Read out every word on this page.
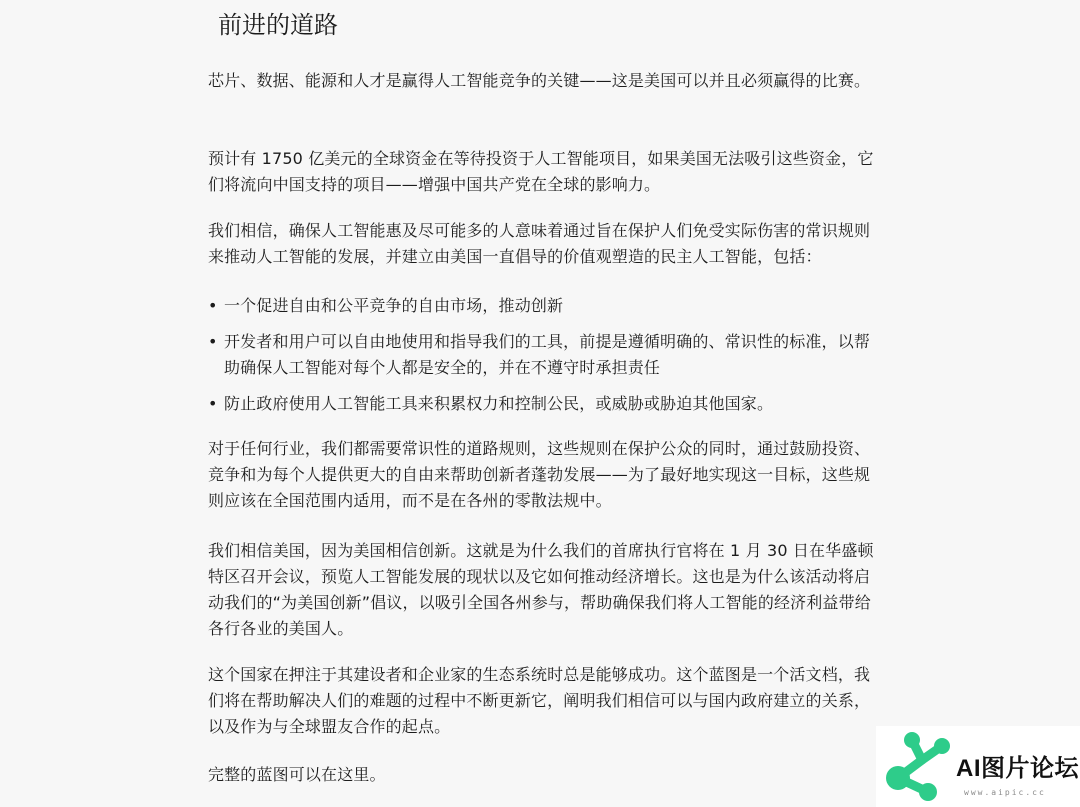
前进的道路

芯片、数据、能源和人才是赢得人工智能竞争的关键——这是美国可以并且必须赢得的比赛。

预计有 1750 亿美元的全球资金在等待投资于人工智能项目，如果美国无法吸引这些资金，它们将流向中国支持的项目——增强中国共产党在全球的影响力。

我们相信，确保人工智能惠及尽可能多的人意味着通过旨在保护人们免受实际伤害的常识规则来推动人工智能的发展，并建立由美国一直倡导的价值观塑造的民主人工智能，包括：

• 一个促进自由和公平竞争的自由市场，推动创新
• 开发者和用户可以自由地使用和指导我们的工具，前提是遵循明确的、常识性的标准，以帮助确保人工智能对每个人都是安全的，并在不遵守时承担责任
• 防止政府使用人工智能工具来积累权力和控制公民，或威胁或胁迫其他国家。

对于任何行业，我们都需要常识性的道路规则，这些规则在保护公众的同时，通过鼓励投资、竞争和为每个人提供更大的自由来帮助创新者蓬勃发展——为了最好地实现这一目标，这些规则应该在全国范围内适用，而不是在各州的零散法规中。

我们相信美国，因为美国相信创新。这就是为什么我们的首席执行官将在 1 月 30 日在华盛顿特区召开会议，预览人工智能发展的现状以及它如何推动经济增长。这也是为什么该活动将启动我们的“为美国创新”倡议，以吸引全国各州参与，帮助确保我们将人工智能的经济利益带给各行各业的美国人。

这个国家在押注于其建设者和企业家的生态系统时总是能够成功。这个蓝图是一个活文档，我们将在帮助解决人们的难题的过程中不断更新它，阐明我们相信可以与国内政府建立的关系，以及作为与全球盟友合作的起点。

完整的蓝图可以在这里。	AI图片论坛
www.aipic.cc
